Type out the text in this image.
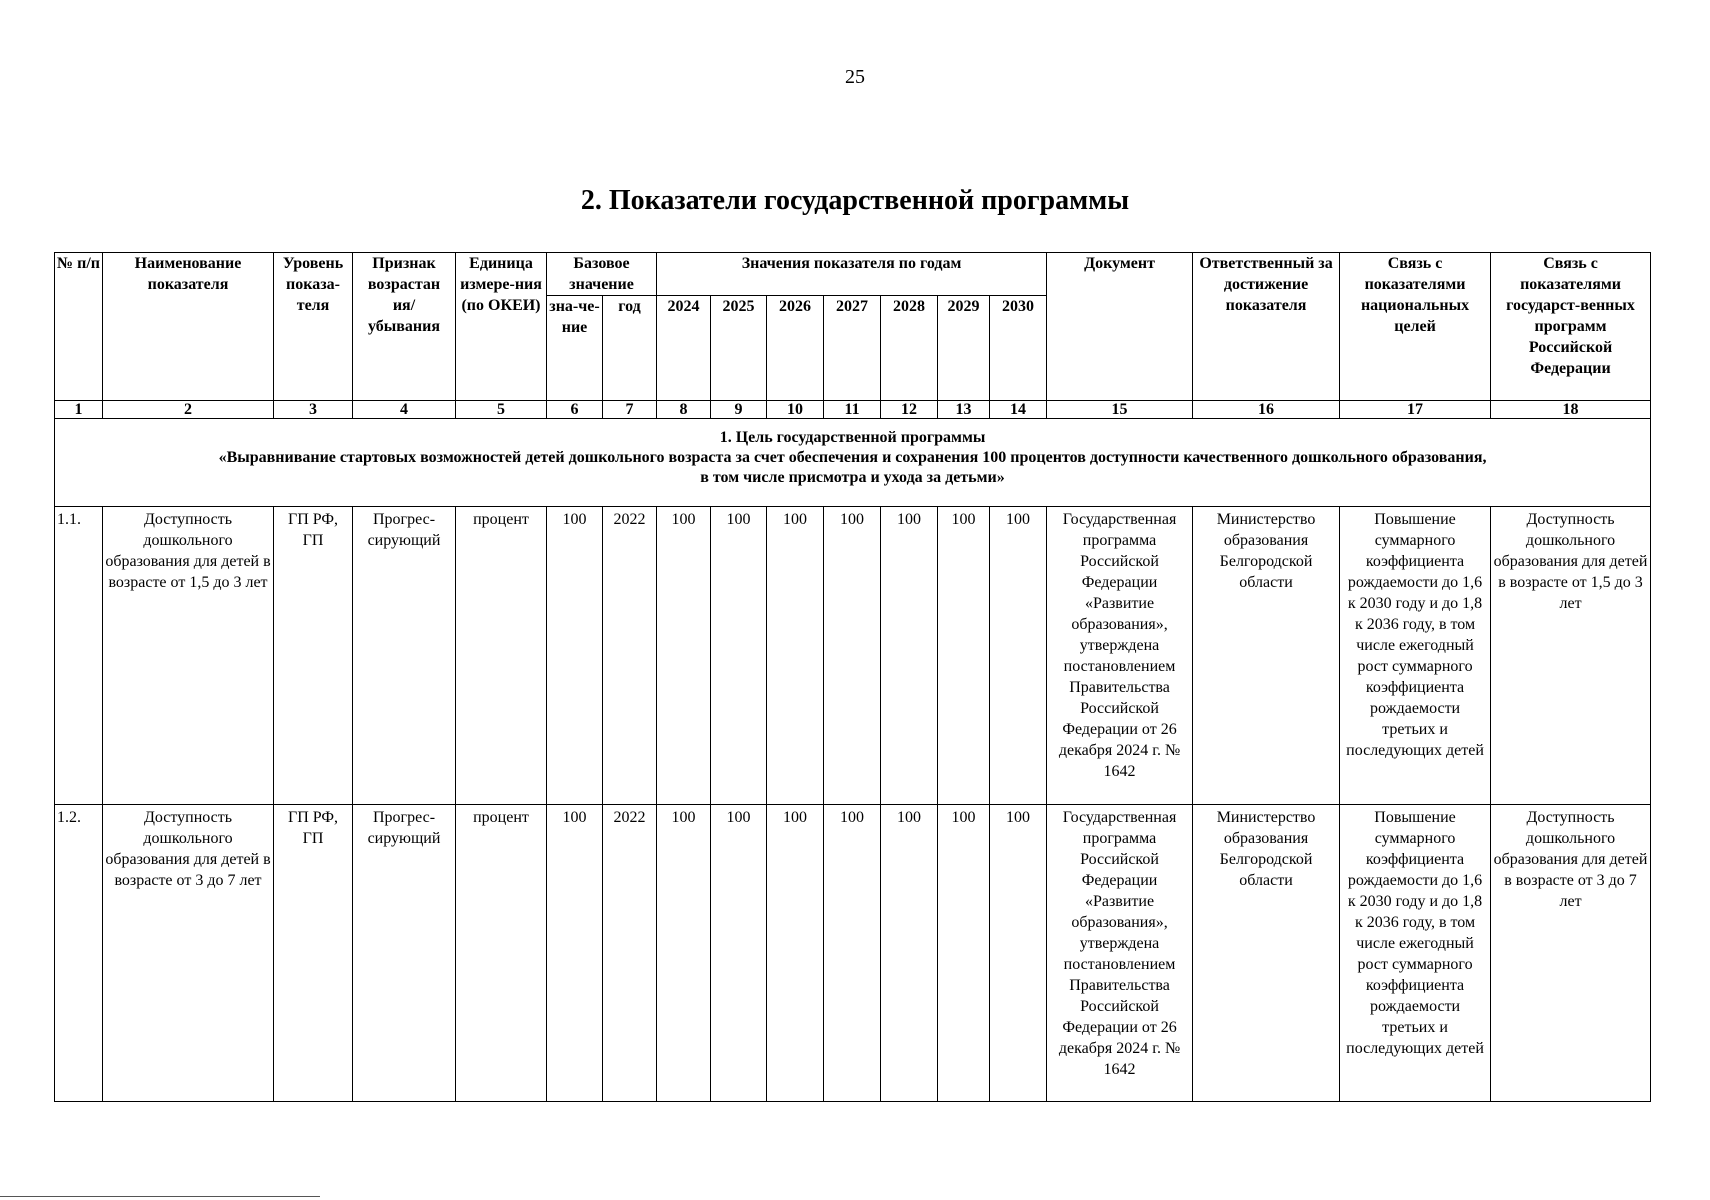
25
2. Показатели государственной программы
№ п/п	Наименование показателя	Уровень показа-теля	Признак возрастан ия/ убывания	Единица измере-ния (по ОКЕИ)	Базовое значение		Значения показателя по годам							Документ	Ответственный за достижение показателя	Связь с показателями национальных целей	Связь с показателями государст-венных программ Российской Федерации
					зна-че-ние	год	2024	2025	2026	2027	2028	2029	2030				
1	2	3	4	5	6	7	8	9	10	11	12	13	14	15	16	17	18

1. Цель государственной программы
«Выравнивание стартовых возможностей детей дошкольного возраста за счет обеспечения и сохранения 100 процентов доступности качественного дошкольного образования,
в том числе присмотра и ухода за детьми»																	

1.1.	Доступность дошкольного образования для детей в возрасте от 1,5 до 3 лет	ГП РФ, ГП	Прогрес-сирующий	процент	100	2022	100	100	100	100	100	100	100	Государственная программа Российской Федерации «Развитие образования», утверждена постановлением Правительства Российской Федерации от 26 декабря 2024 г. № 1642	Министерство образования Белгородской области	Повышение суммарного коэффициента рождаемости до 1,6 к 2030 году и до 1,8 к 2036 году, в том числе ежегодный рост суммарного коэффициента рождаемости третьих и последующих детей	Доступность дошкольного образования для детей в возрасте от 1,5 до 3 лет
1.2.	Доступность дошкольного образования для детей в возрасте от 3 до 7 лет	ГП РФ, ГП	Прогрес-сирующий	процент	100	2022	100	100	100	100	100	100	100	Государственная программа Российской Федерации «Развитие образования», утверждена постановлением Правительства Российской Федерации от 26 декабря 2024 г. № 1642	Министерство образования Белгородской области	Повышение суммарного коэффициента рождаемости до 1,6 к 2030 году и до 1,8 к 2036 году, в том числе ежегодный рост суммарного коэффициента рождаемости третьих и последующих детей	Доступность дошкольного образования для детей в возрасте от 3 до 7 лет
